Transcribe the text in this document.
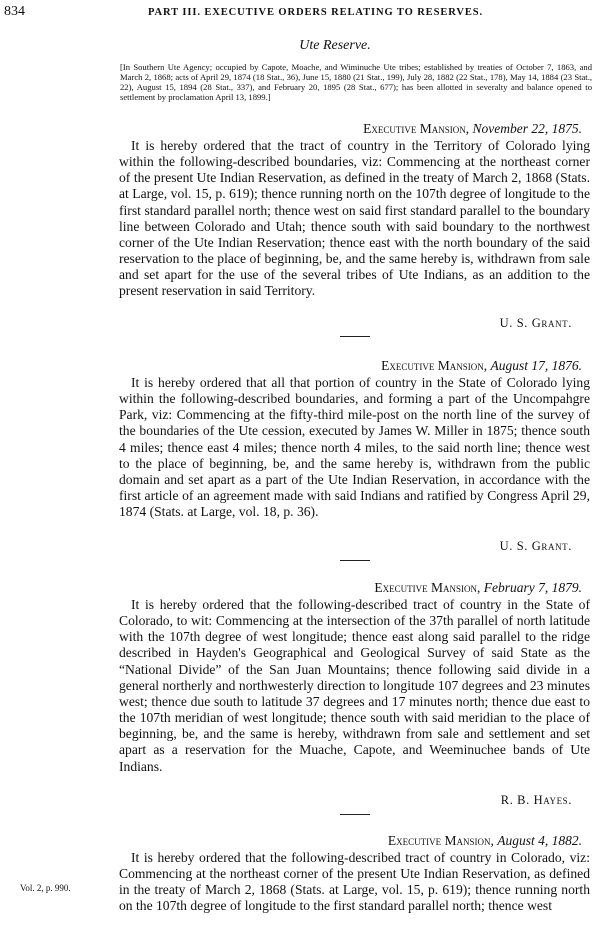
834	PART III. EXECUTIVE ORDERS RELATING TO RESERVES.
Ute Reserve.
[In Southern Ute Agency; occupied by Capote, Moache, and Wiminuche Ute tribes; established by treaties of October 7, 1863, and March 2, 1868; acts of April 29, 1874 (18 Stat., 36), June 15, 1880 (21 Stat., 199), July 28, 1882 (22 Stat., 178), May 14, 1884 (23 Stat., 22), August 15, 1894 (28 Stat., 337), and February 20, 1895 (28 Stat., 677); has been allotted in severalty and balance opened to settlement by proclamation April 13, 1899.]
Executive Mansion, November 22, 1875.
It is hereby ordered that the tract of country in the Territory of Colorado lying within the following-described boundaries, viz: Commencing at the northeast corner of the present Ute Indian Reservation, as defined in the treaty of March 2, 1868 (Stats. at Large, vol. 15, p. 619); thence running north on the 107th degree of longitude to the first standard parallel north; thence west on said first standard parallel to the boundary line between Colorado and Utah; thence south with said boundary to the northwest corner of the Ute Indian Reservation; thence east with the north boundary of the said reservation to the place of beginning, be, and the same hereby is, withdrawn from sale and set apart for the use of the several tribes of Ute Indians, as an addition to the present reservation in said Territory.
U. S. Grant.
Executive Mansion, August 17, 1876.
It is hereby ordered that all that portion of country in the State of Colorado lying within the following-described boundaries, and forming a part of the Uncompahgre Park, viz: Commencing at the fifty-third mile-post on the north line of the survey of the boundaries of the Ute cession, executed by James W. Miller in 1875; thence south 4 miles; thence east 4 miles; thence north 4 miles, to the said north line; thence west to the place of beginning, be, and the same hereby is, withdrawn from the public domain and set apart as a part of the Ute Indian Reservation, in accordance with the first article of an agreement made with said Indians and ratified by Congress April 29, 1874 (Stats. at Large, vol. 18, p. 36).
U. S. Grant.
Executive Mansion, February 7, 1879.
It is hereby ordered that the following-described tract of country in the State of Colorado, to wit: Commencing at the intersection of the 37th parallel of north latitude with the 107th degree of west longitude; thence east along said parallel to the ridge described in Hayden's Geographical and Geological Survey of said State as the “National Divide” of the San Juan Mountains; thence following said divide in a general northerly and northwesterly direction to longitude 107 degrees and 23 minutes west; thence due south to latitude 37 degrees and 17 minutes north; thence due east to the 107th meridian of west longitude; thence south with said meridian to the place of beginning, be, and the same is hereby, withdrawn from sale and settlement and set apart as a reservation for the Muache, Capote, and Weeminuchee bands of Ute Indians.
R. B. Hayes.
Executive Mansion, August 4, 1882.
It is hereby ordered that the following-described tract of country in Colorado, viz: Commencing at the northeast corner of the present Ute Indian Reservation, as defined in the treaty of March 2, 1868 (Stats. at Large, vol. 15, p. 619); thence running north on the 107th degree of longitude to the first standard parallel north; thence west
Vol. 2, p. 990.
